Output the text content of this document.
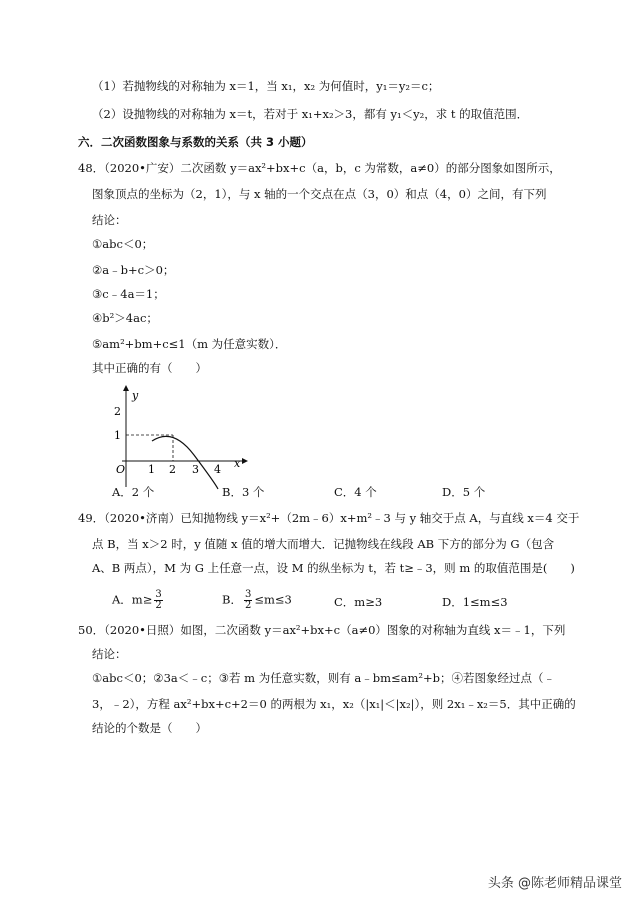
（1）若抛物线的对称轴为 x＝1，当 x₁，x₂ 为何值时，y₁＝y₂＝c；
（2）设抛物线的对称轴为 x＝t，若对于 x₁+x₂＞3，都有 y₁＜y₂，求 t 的取值范围．
六．二次函数图象与系数的关系（共 3 小题）
48．（2020•广安）二次函数 y＝ax²+bx+c（a，b，c 为常数，a≠0）的部分图象如图所示，
图象顶点的坐标为（2，1），与 x 轴的一个交点在点（3，0）和点（4，0）之间，有下列
结论：
①abc＜0；
②a﹣b+c＞0；
③c﹣4a＝1；
④b²＞4ac；
⑤am²+bm+c≤1（m 为任意实数）．
其中正确的有（　　）
y
x
O 1 2 3 4
1
2
A．2 个	B．3 个	C．4 个	D．5 个
49．（2020•济南）已知抛物线 y＝x²+（2m﹣6）x+m²﹣3 与 y 轴交于点 A，与直线 x＝4 交于
点 B，当 x＞2 时，y 值随 x 值的增大而增大．记抛物线在线段 AB 下方的部分为 G（包含
A、B 两点），M 为 G 上任意一点，设 M 的纵坐标为 t，若 t≥﹣3，则 m 的取值范围是(　　)
A．$m\ge \frac{3}{2}$	B． $\frac{3}{2} \le m\le 3$	C．m≥3	D．1≤m≤3
50．（2020•日照）如图，二次函数 y＝ax²+bx+c（a≠0）图象的对称轴为直线 x＝﹣1，下列
结论：
①abc＜0；②3a＜﹣c；③若 m 为任意实数，则有 a﹣bm≤am²+b；④若图象经过点（﹣
3，﹣2），方程 ax²+bx+c+2＝0 的两根为 x₁，x₂（|x₁|＜|x₂|），则 2x₁﹣x₂＝5．其中正确的
结论的个数是（　　）
头条 @陈老师精品课堂
